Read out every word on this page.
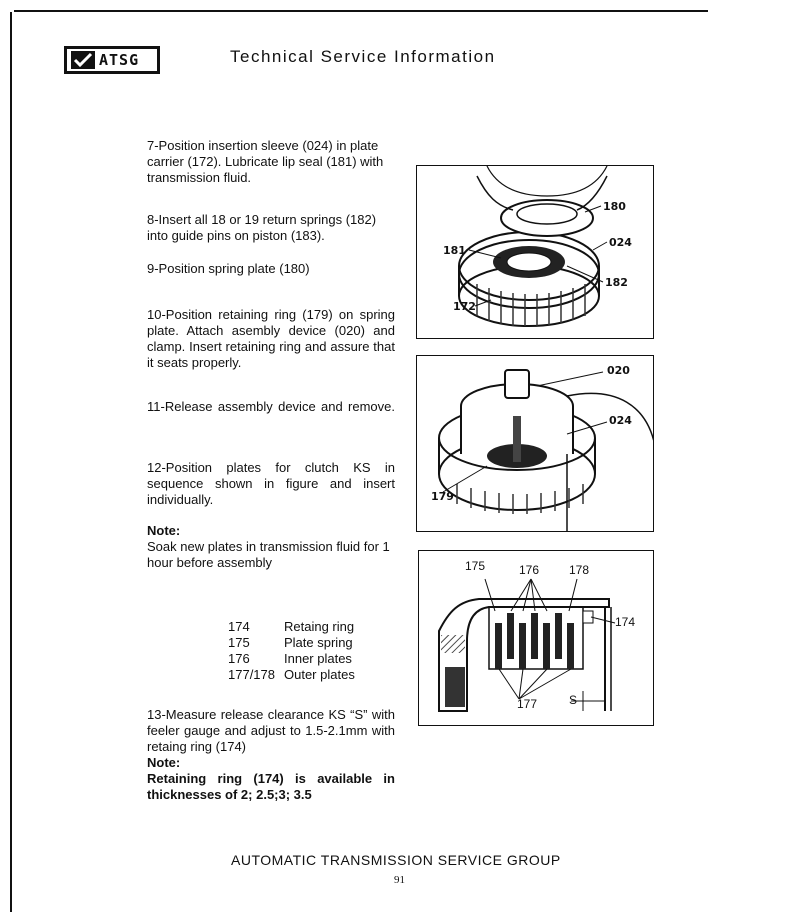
ATSG	Technical Service Information
7-Position insertion sleeve (024) in plate carrier (172). Lubricate lip seal (181) with transmission fluid.
8-Insert all 18 or 19 return springs (182) into guide pins on piston (183).
9-Position spring plate (180)
10-Position retaining ring (179) on spring plate. Attach asembly device (020) and clamp. Insert retaining ring and assure that it seats properly.
11-Release assembly device and remove.
12-Position plates for clutch KS in sequence shown in figure and insert individually.
Note:
Soak new plates in transmission fluid for 1 hour before assembly
174	Retaing ring
175	Plate spring
176	Inner plates
177/178 Outer plates
13-Measure release clearance KS “S” with feeler gauge and adjust to 1.5-2.1mm with retaing ring (174)
Note:
Retaining ring (174) is available in thicknesses of 2; 2.5;3; 3.5
180
024
181
182
172
020
024
179
175	176 178
174
177	S
AUTOMATIC TRANSMISSION SERVICE GROUP
91
